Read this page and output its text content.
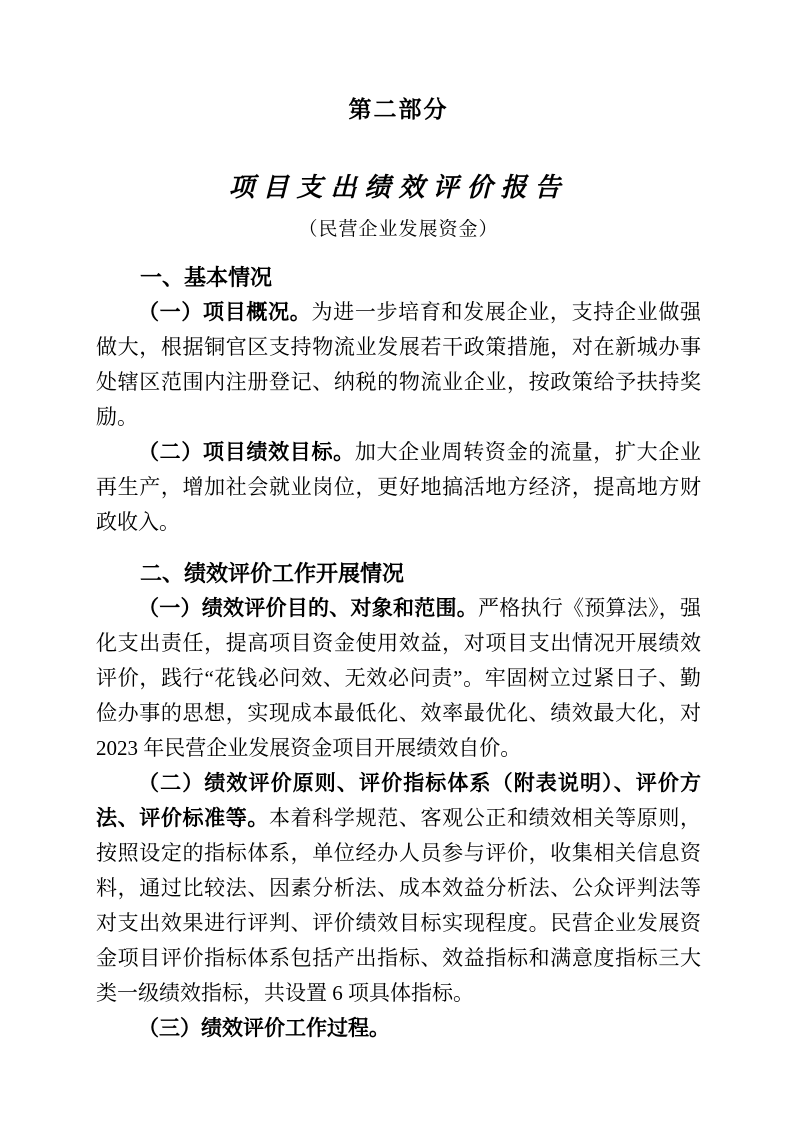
第二部分
项目支出绩效评价报告
（民营企业发展资金）
一、基本情况

（一）项目概况。为进一步培育和发展企业，支持企业做强做大，根据铜官区支持物流业发展若干政策措施，对在新城办事处辖区范围内注册登记、纳税的物流业企业，按政策给予扶持奖励。

（二）项目绩效目标。加大企业周转资金的流量，扩大企业再生产，增加社会就业岗位，更好地搞活地方经济，提高地方财政收入。

二、绩效评价工作开展情况

（一）绩效评价目的、对象和范围。严格执行《预算法》，强化支出责任，提高项目资金使用效益，对项目支出情况开展绩效评价，践行“花钱必问效、无效必问责”。牢固树立过紧日子、勤俭办事的思想，实现成本最低化、效率最优化、绩效最大化，对 2023 年民营企业发展资金项目开展绩效自价。

（二）绩效评价原则、评价指标体系（附表说明）、评价方法、评价标准等。本着科学规范、客观公正和绩效相关等原则，按照设定的指标体系，单位经办人员参与评价，收集相关信息资料，通过比较法、因素分析法、成本效益分析法、公众评判法等对支出效果进行评判、评价绩效目标实现程度。民营企业发展资金项目评价指标体系包括产出指标、效益指标和满意度指标三大类一级绩效指标，共设置 6 项具体指标。

（三）绩效评价工作过程。
